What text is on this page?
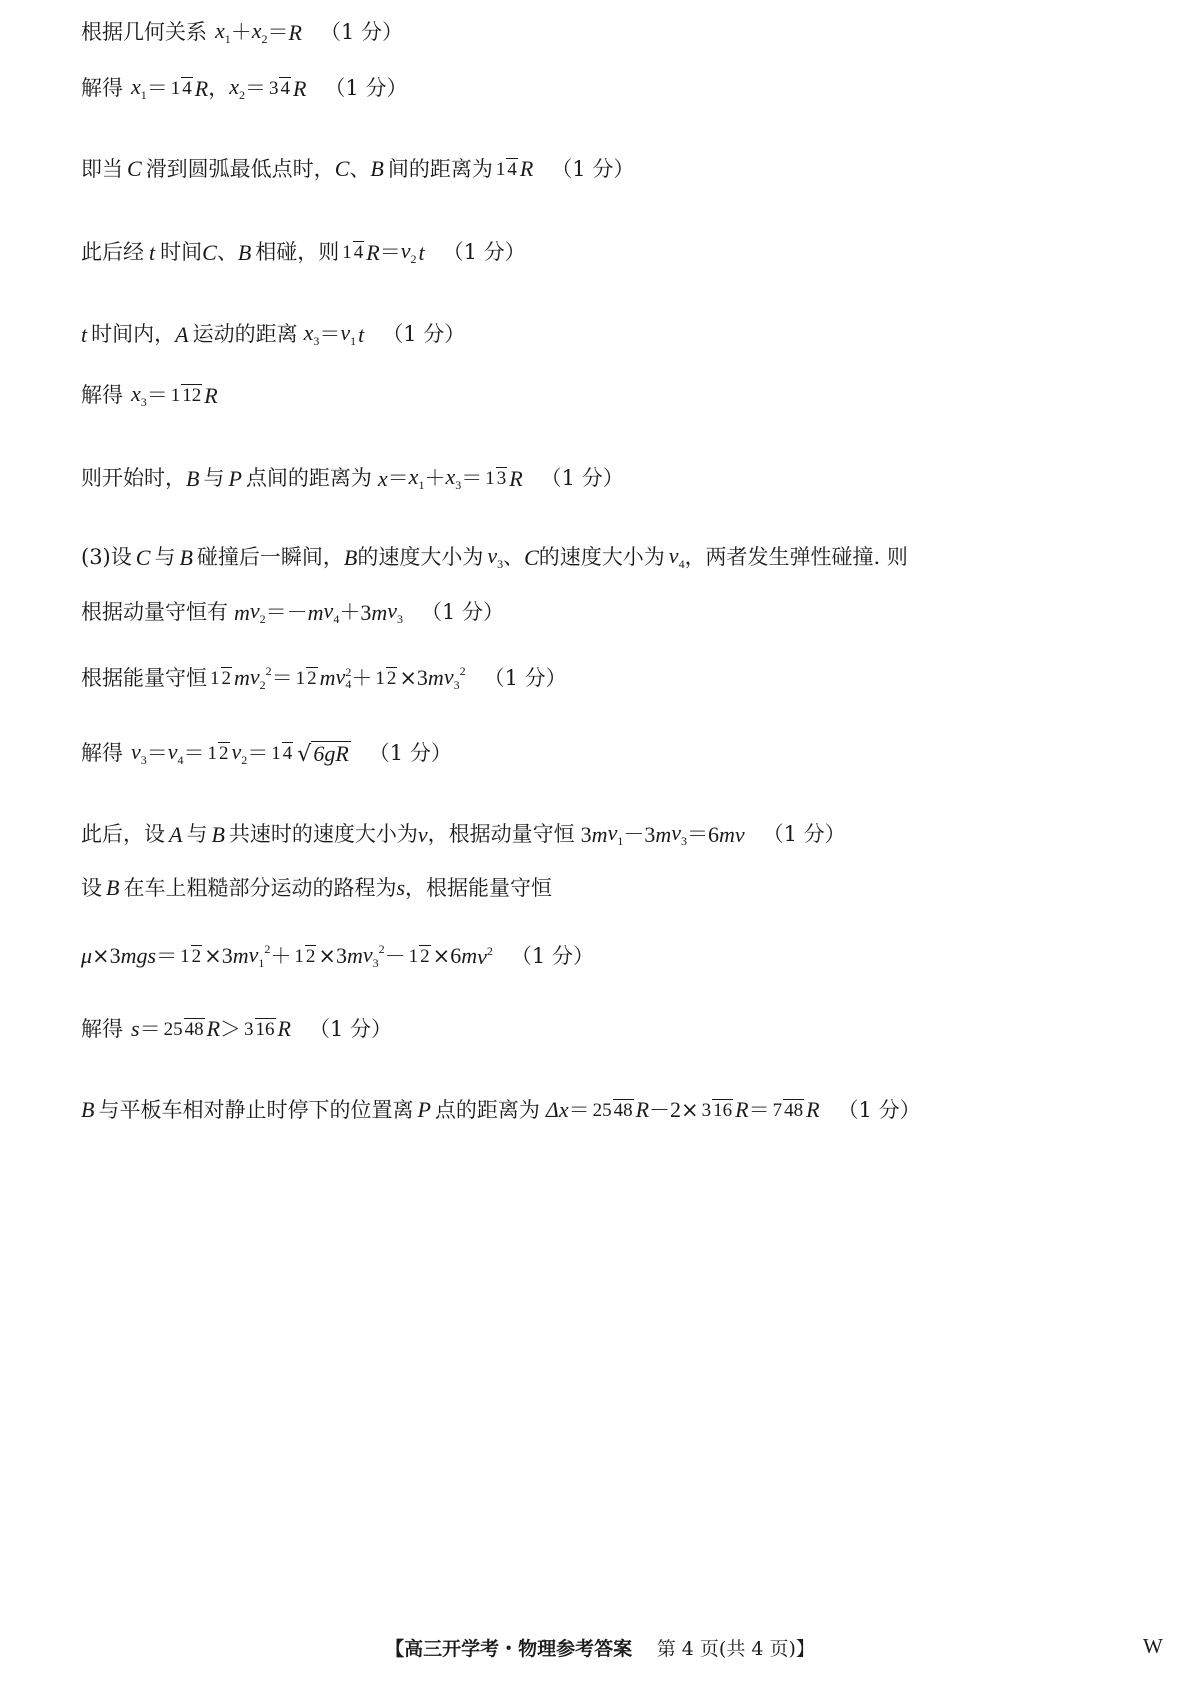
根据几何关系 x1 ＋ x2 ＝ R （1 分）
解得 x1 ＝ 1 4 R ， x2 ＝ 3 4 R （1 分）
即当 C 滑到圆弧最低点时， C 、 B 间的距离为 1 4 R （1 分）
此后经 t 时间 C 、 B 相碰，则 1 4 R ＝ v2 t （1 分）
t 时间内， A 运动的距离 x3 ＝ v1 t （1 分）
解得 x3 ＝ 1 12 R
则开始时， B 与 P 点间的距离为 x ＝ x1 ＋ x3 ＝ 1 3 R （1 分）
(3)设 C 与 B 碰撞后一瞬间， B 的速度大小为 v3 、 C 的速度大小为 v4 ，两者发生弹性碰撞. 则
根据动量守恒有 m v2 ＝ － m v4 ＋ 3 m v3 （1 分）
根据能量守恒 1 2 m v22 ＝ 1 2 m v 2
4 ＋ 1 2 × 3 m v32 （1 分）
解得 v3 ＝ v4 ＝ 1 2 v2 ＝ 1 4 √6gR （1 分）
此后，设 A 与 B 共速时的速度大小为 v ，根据动量守恒 3 m v1 － 3 m v3 ＝ 6 m v （1 分）
设 B 在车上粗糙部分运动的路程为 s ，根据能量守恒
μ × 3 mgs ＝ 1 2 × 3 m v12 ＋ 1 2 × 3 m v32 － 1 2 × 6 m v2 （1 分）
解得 s ＝ 25 48 R ＞ 3 16 R （1 分）
B 与平板车相对静止时停下的位置离 P 点的距离为 Δx ＝ 25 48 R － 2 × 3 16 R ＝ 7 48 R （1 分）
【高三开学考・物理参考答案 第 4 页(共 4 页)】	W
